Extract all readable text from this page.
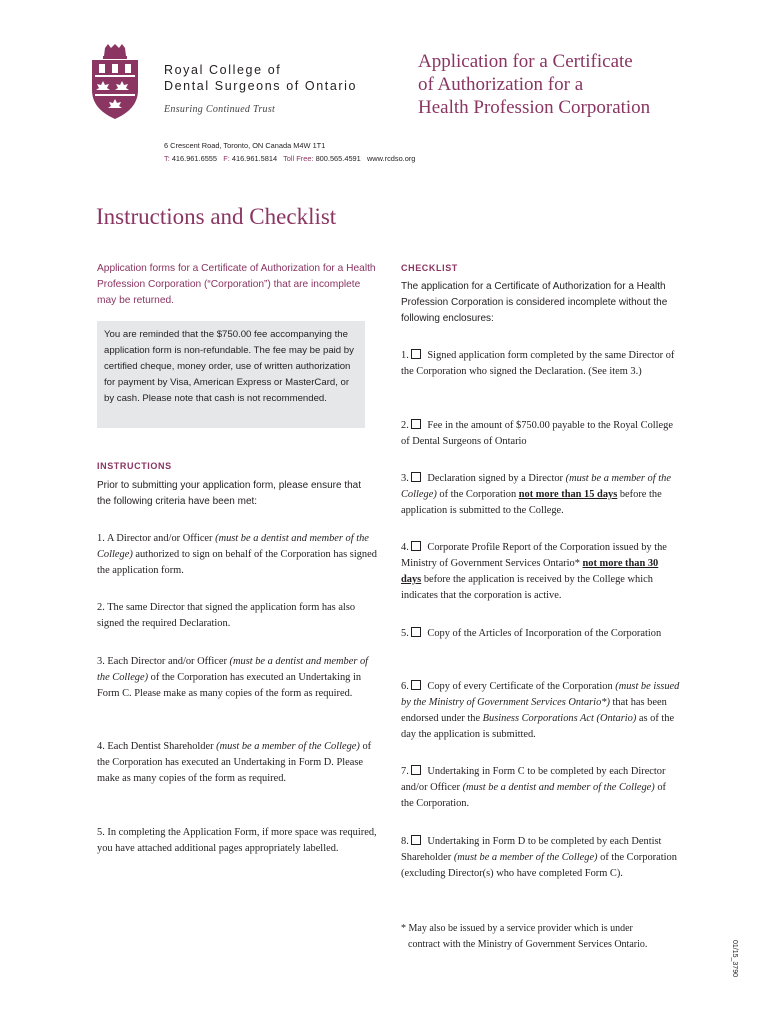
Royal College of
Dental Surgeons of Ontario
Ensuring Continued Trust
Application for a Certificate
of Authorization for a
Health Profession Corporation
6 Crescent Road, Toronto, ON Canada M4W 1T1
T: 416.961.6555 F: 416.961.5814 Toll Free: 800.565.4591 www.rcdso.org
Instructions and Checklist
Application forms for a Certificate of Authorization for a Health Profession Corporation (“Corporation”) that are incomplete may be returned.
You are reminded that the $750.00 fee accompanying the application form is non-refundable. The fee may be paid by certified cheque, money order, use of written authorization for payment by Visa, American Express or MasterCard, or by cash. Please note that cash is not recommended.
INSTRUCTIONS
Prior to submitting your application form, please ensure that the following criteria have been met:
1. A Director and/or Officer (must be a dentist and member of the College) authorized to sign on behalf of the Corporation has signed the application form.
2. The same Director that signed the application form has also signed the required Declaration.
3. Each Director and/or Officer (must be a dentist and member of the College) of the Corporation has executed an Undertaking in Form C. Please make as many copies of the form as required.
4. Each Dentist Shareholder (must be a member of the College) of the Corporation has executed an Undertaking in Form D. Please make as many copies of the form as required.
5. In completing the Application Form, if more space was required, you have attached additional pages appropriately labelled.
CHECKLIST
The application for a Certificate of Authorization for a Health Profession Corporation is considered incomplete without the following enclosures:
1. Signed application form completed by the same Director of the Corporation who signed the Declaration. (See item 3.)
2. Fee in the amount of $750.00 payable to the Royal College of Dental Surgeons of Ontario
3. Declaration signed by a Director (must be a member of the College) of the Corporation not more than 15 days before the application is submitted to the College.
4. Corporate Profile Report of the Corporation issued by the Ministry of Government Services Ontario* not more than 30 days before the application is received by the College which indicates that the corporation is active.
5. Copy of the Articles of Incorporation of the Corporation
6. Copy of every Certificate of the Corporation (must be issued by the Ministry of Government Services Ontario*) that has been endorsed under the Business Corporations Act (Ontario) as of the day the application is submitted.
7. Undertaking in Form C to be completed by each Director and/or Officer (must be a dentist and member of the College) of the Corporation.
8. Undertaking in Form D to be completed by each Dentist Shareholder (must be a member of the College) of the Corporation (excluding Director(s) who have completed Form C).
* May also be issued by a service provider which is under
contract with the Ministry of Government Services Ontario.	01/15_3790
